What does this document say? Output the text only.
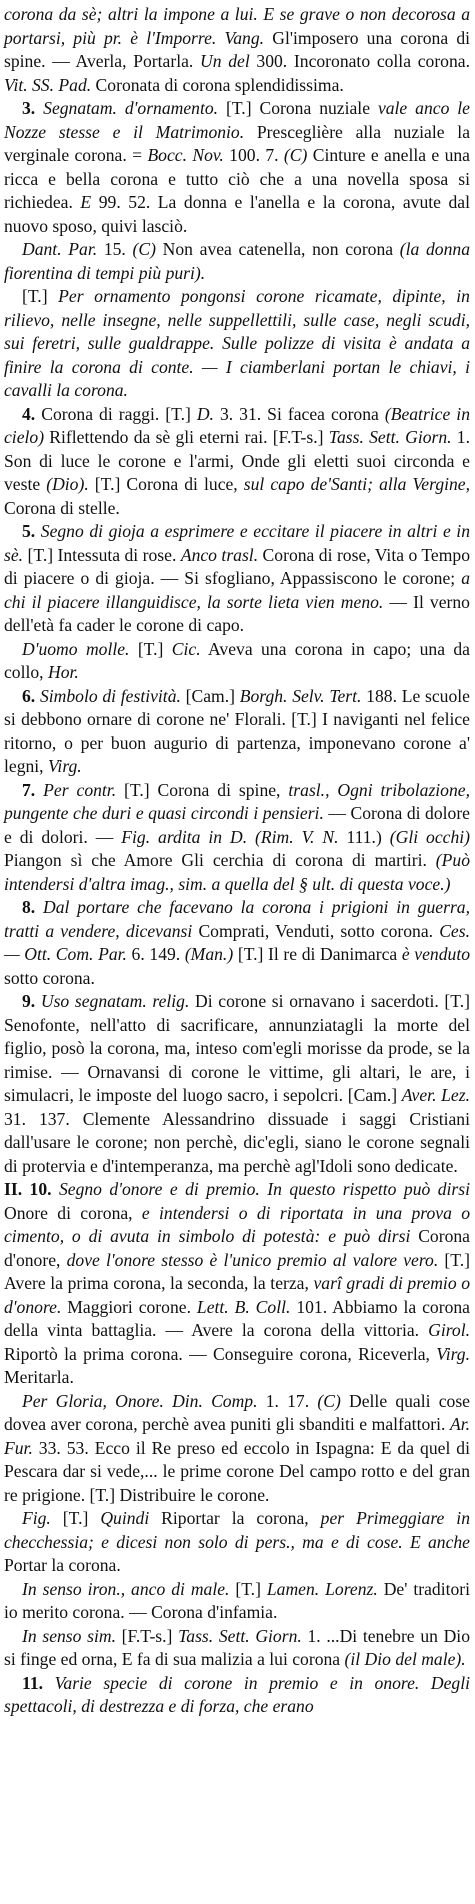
corona da sè; altri la impone a lui. E se grave o non decorosa a portarsi, più pr. è l'Imporre. Vang. Gl'imposero una corona di spine. — Averla, Portarla. Un del 300. Incoronato colla corona. Vit. SS. Pad. Coronata di corona splendidissima.

3. Segnatam. d'ornamento. [T.] Corona nuziale vale anco le Nozze stesse e il Matrimonio. Presceglière alla nuziale la verginale corona. = Bocc. Nov. 100. 7. (C) Cinture e anella e una ricca e bella corona e tutto ciò che a una novella sposa si richiedea. E 99. 52. La donna e l'anella e la corona, avute dal nuovo sposo, quivi lasciò.

Dant. Par. 15. (C) Non avea catenella, non corona (la donna fiorentina di tempi più puri).

[T.] Per ornamento pongonsi corone ricamate, dipinte, in rilievo, nelle insegne, nelle suppellettili, sulle case, negli scudi, sui feretri, sulle gualdrappe. Sulle polizze di visita è andata a finire la corona di conte. — I ciamberlani portan le chiavi, i cavalli la corona.

4. Corona di raggi. [T.] D. 3. 31. Si facea corona (Beatrice in cielo) Riflettendo da sè gli eterni rai. [F.T-s.] Tass. Sett. Giorn. 1. Son di luce le corone e l'armi, Onde gli eletti suoi circonda e veste (Dio). [T.] Corona di luce, sul capo de'Santi; alla Vergine, Corona di stelle.

5. Segno di gioja a esprimere e eccitare il piacere in altri e in sè. [T.] Intessuta di rose. Anco trasl. Corona di rose, Vita o Tempo di piacere o di gioja. — Si sfogliano, Appassiscono le corone; a chi il piacere illanguidisce, la sorte lieta vien meno. — Il verno dell'età fa cader le corone di capo.

D'uomo molle. [T.] Cic. Aveva una corona in capo; una da collo, Hor.

6. Simbolo di festività. [Cam.] Borgh. Selv. Tert. 188. Le scuole si debbono ornare di corone ne' Florali. [T.] I naviganti nel felice ritorno, o per buon augurio di partenza, imponevano corone a' legni, Virg.

7. Per contr. [T.] Corona di spine, trasl., Ogni tribolazione, pungente che duri e quasi circondi i pensieri. — Corona di dolore e di dolori. — Fig. ardita in D. (Rim. V. N. 111.) (Gli occhi) Piangon sì che Amore Gli cerchia di corona di martiri. (Può intendersi d'altra imag., sim. a quella del § ult. di questa voce.)

8. Dal portare che facevano la corona i prigioni in guerra, tratti a vendere, dicevansi Comprati, Venduti, sotto corona. Ces. — Ott. Com. Par. 6. 149. (Man.) [T.] Il re di Danimarca è venduto sotto corona.

9. Uso segnatam. relig. Di corone si ornavano i sacerdoti. [T.] Senofonte, nell'atto di sacrificare, annunziatagli la morte del figlio, posò la corona, ma, inteso com'egli morisse da prode, se la rimise. — Ornavansi di corone le vittime, gli altari, le are, i simulacri, le imposte del luogo sacro, i sepolcri. [Cam.] Aver. Lez. 31. 137. Clemente Alessandrino dissuade i saggi Cristiani dall'usare le corone; non perchè, dic'egli, siano le corone segnali di protervia e d'intemperanza, ma perchè agl'Idoli sono dedicate.

II. 10. Segno d'onore e di premio. In questo rispetto può dirsi Onore di corona, e intendersi o di riportata in una prova o cimento, o di avuta in simbolo di potestà: e può dirsi Corona d'onore, dove l'onore stesso è l'unico premio al valore vero. [T.] Avere la prima corona, la seconda, la terza, varî gradi di premio o d'onore. Maggiori corone. Lett. B. Coll. 101. Abbiamo la corona della vinta battaglia. — Avere la corona della vittoria. Girol. Riportò la prima corona. — Conseguire corona, Riceverla, Virg. Meritarla.

Per Gloria, Onore. Din. Comp. 1. 17. (C) Delle quali cose dovea aver corona, perchè avea puniti gli sbanditi e malfattori. Ar. Fur. 33. 53. Ecco il Re preso ed eccolo in Ispagna: E da quel di Pescara dar si vede,... le prime corone Del campo rotto e del gran re prigione. [T.] Distribuire le corone.

Fig. [T.] Quindi Riportar la corona, per Primeggiare in checchessia; e dicesi non solo di pers., ma e di cose. E anche Portar la corona.

In senso iron., anco di male. [T.] Lamen. Lorenz. De' traditori io merito corona. — Corona d'infamia.

In senso sim. [F.T-s.] Tass. Sett. Giorn. 1. ...Di tenebre un Dio si finge ed orna, E fa di sua malizia a lui corona (il Dio del male).

11. Varie specie di corone in premio e in onore. Degli spettacoli, di destrezza e di forza, che erano
